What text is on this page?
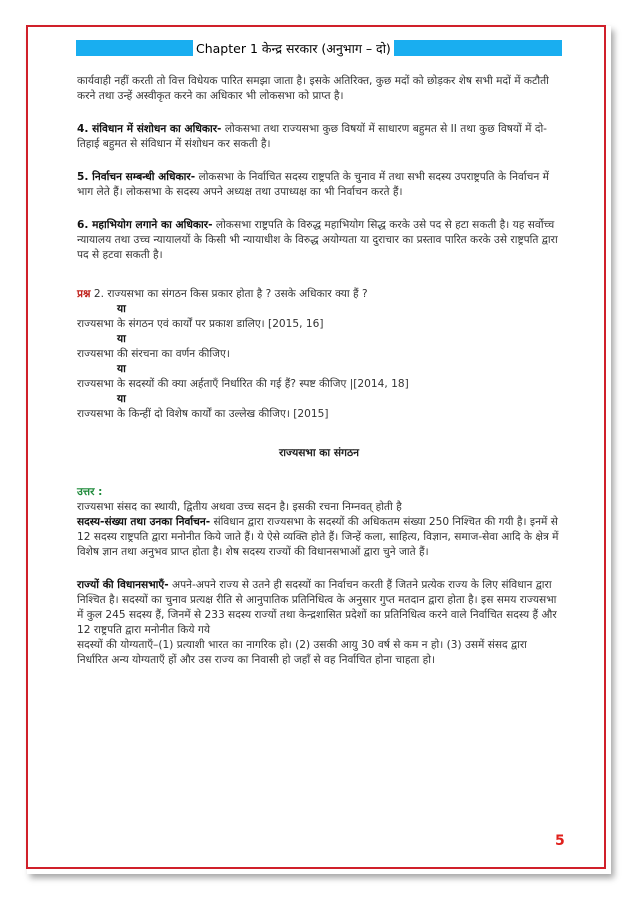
Chapter 1 केन्द्र सरकार (अनुभाग – दो)

कार्यवाही नहीं करती तो वित्त विधेयक पारित समझा जाता है। इसके अतिरिक्त, कुछ मदों को छोड़कर शेष सभी मदों में कटौती करने तथा उन्हें अस्वीकृत करने का अधिकार भी लोकसभा को प्राप्त है।

4. संविधान में संशोधन का अधिकार- लोकसभा तथा राज्यसभा कुछ विषयों में साधारण बहुमत से II तथा कुछ विषयों में दो-तिहाई बहुमत से संविधान में संशोधन कर सकती है।

5. निर्वाचन सम्बन्धी अधिकार- लोकसभा के निर्वाचित सदस्य राष्ट्रपति के चुनाव में तथा सभी सदस्य उपराष्ट्रपति के निर्वाचन में भाग लेते हैं। लोकसभा के सदस्य अपने अध्यक्ष तथा उपाध्यक्ष का भी निर्वाचन करते हैं।

6. महाभियोग लगाने का अधिकार- लोकसभा राष्ट्रपति के विरुद्ध महाभियोग सिद्ध करके उसे पद से हटा सकती है। यह सर्वोच्च न्यायालय तथा उच्च न्यायालयों के किसी भी न्यायाधीश के विरुद्ध अयोग्यता या दुराचार का प्रस्ताव पारित करके उसे राष्ट्रपति द्वारा पद से हटवा सकती है।

प्रश्न 2. राज्यसभा का संगठन किस प्रकार होता है ? उसके अधिकार क्या हैं ?

या

राज्यसभा के संगठन एवं कार्यों पर प्रकाश डालिए। [2015, 16]

या

राज्यसभा की संरचना का वर्णन कीजिए।

या

राज्यसभा के सदस्यों की क्या अर्हताएँ निर्धारित की गई हैं? स्पष्ट कीजिए |[2014, 18]

या

राज्यसभा के किन्हीं दो विशेष कार्यों का उल्लेख कीजिए। [2015]

राज्यसभा का संगठन

उत्तर :

राज्यसभा संसद का स्थायी, द्वितीय अथवा उच्च सदन है। इसकी रचना निम्नवत् होती है

सदस्य-संख्या तथा उनका निर्वाचन- संविधान द्वारा राज्यसभा के सदस्यों की अधिकतम संख्या 250 निश्चित की गयी है। इनमें से 12 सदस्य राष्ट्रपति द्वारा मनोनीत किये जाते हैं। ये ऐसे व्यक्ति होते हैं। जिन्हें कला, साहित्य, विज्ञान, समाज-सेवा आदि के क्षेत्र में विशेष ज्ञान तथा अनुभव प्राप्त होता है। शेष सदस्य राज्यों की विधानसभाओं द्वारा चुने जाते हैं।

राज्यों की विधानसभाएँ- अपने-अपने राज्य से उतने ही सदस्यों का निर्वाचन करती हैं जितने प्रत्येक राज्य के लिए संविधान द्वारा निश्चित है। सदस्यों का चुनाव प्रत्यक्ष रीति से आनुपातिक प्रतिनिधित्व के अनुसार गुप्त मतदान द्वारा होता है। इस समय राज्यसभा में कुल 245 सदस्य हैं, जिनमें से 233 सदस्य राज्यों तथा केन्द्रशासित प्रदेशों का प्रतिनिधित्व करने वाले निर्वाचित सदस्य हैं और 12 राष्ट्रपति द्वारा मनोनीत किये गये

सदस्यों की योग्यताएँ–(1) प्रत्याशी भारत का नागरिक हो। (2) उसकी आयु 30 वर्ष से कम न हो। (3) उसमें संसद द्वारा निर्धारित अन्य योग्यताएँ हों और उस राज्य का निवासी हो जहाँ से वह निर्वाचित होना चाहता हो।

5
